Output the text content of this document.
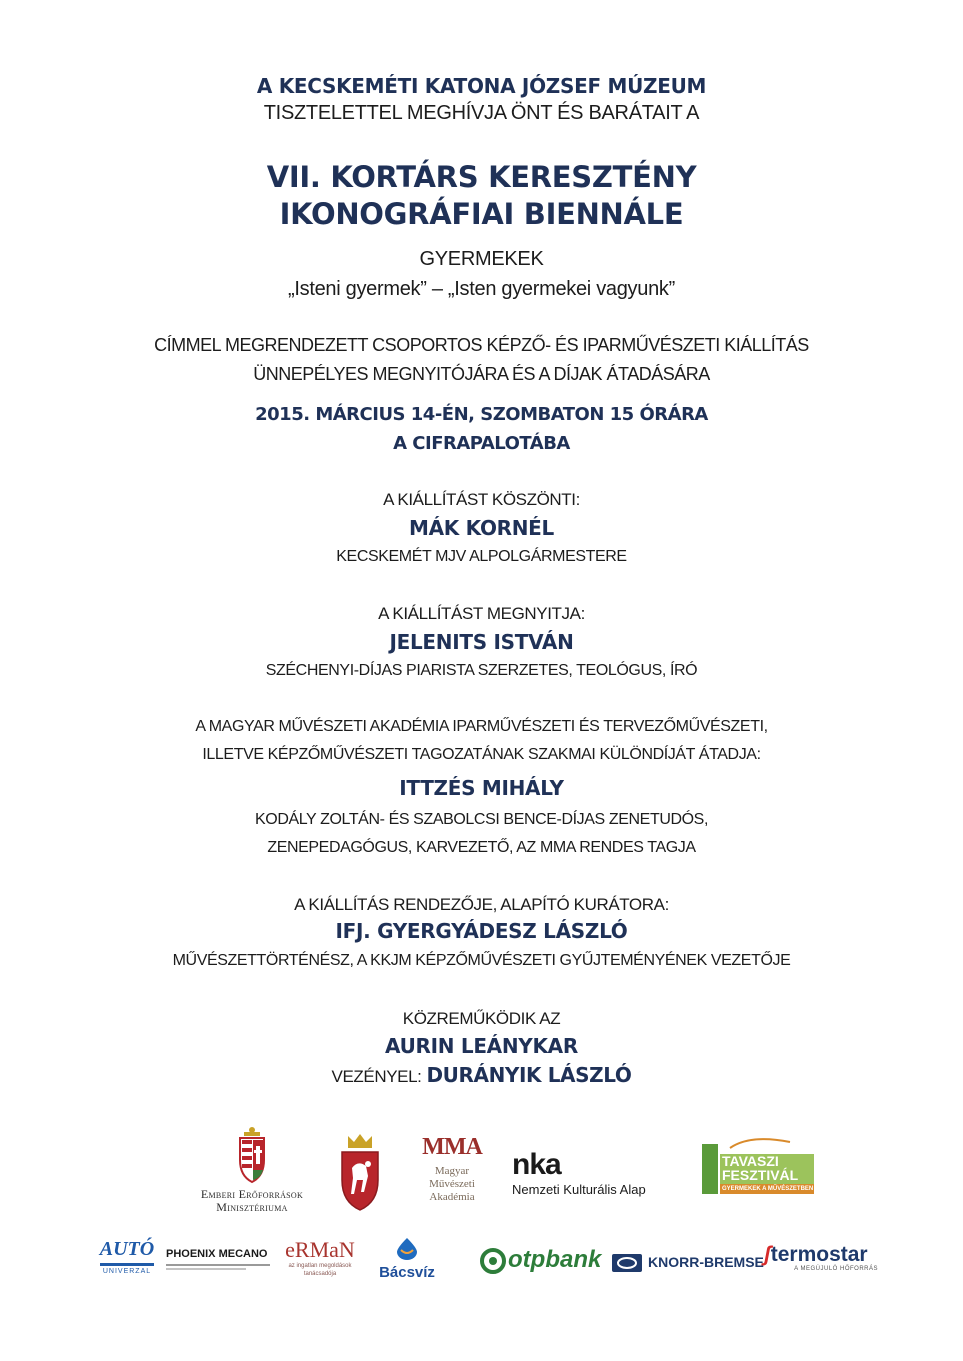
A KECSKEMÉTI KATONA JÓZSEF MÚZEUM
TISZTELETTEL MEGHÍVJA ÖNT ÉS BARÁTAIT A
VII. KORTÁRS KERESZTÉNY
IKONOGRÁFIAI BIENNÁLE
GYERMEKEK
„Isteni gyermek” – „Isten gyermekei vagyunk”
CÍMMEL MEGRENDEZETT CSOPORTOS KÉPZŐ- ÉS IPARMŰVÉSZETI KIÁLLÍTÁS
ÜNNEPÉLYES MEGNYITÓJÁRA ÉS A DÍJAK ÁTADÁSÁRA
2015. MÁRCIUS 14-ÉN, SZOMBATON 15 ÓRÁRA
A CIFRAPALOTÁBA
A KIÁLLÍTÁST KÖSZÖNTI:
MÁK KORNÉL
KECSKEMÉT MJV ALPOLGÁRMESTERE
A KIÁLLÍTÁST MEGNYITJA:
JELENITS ISTVÁN
SZÉCHENYI-DÍJAS PIARISTA SZERZETES, TEOLÓGUS, ÍRÓ
A MAGYAR MŰVÉSZETI AKADÉMIA IPARMŰVÉSZETI ÉS TERVEZŐMŰVÉSZETI,
ILLETVE KÉPZŐMŰVÉSZETI TAGOZATÁNAK SZAKMAI KÜLÖNDÍJÁT ÁTADJA:
ITTZÉS MIHÁLY
KODÁLY ZOLTÁN- ÉS SZABOLCSI BENCE-DÍJAS ZENETUDÓS,
ZENEPEDAGÓGUS, KARVEZETŐ, AZ MMA RENDES TAGJA
A KIÁLLÍTÁS RENDEZŐJE, ALAPÍTÓ KURÁTORA:
IFJ. GYERGYÁDESZ LÁSZLÓ
MŰVÉSZETTÖRTÉNÉSZ, A KKJM KÉPZŐMŰVÉSZETI GYŰJTEMÉNYÉNEK VEZETŐJE
KÖZREMŰKÖDIK AZ
AURIN LEÁNYKAR
VEZÉNYEL: DURÁNYIK LÁSZLÓ
Emberi Erőforrások
Minisztériuma
MMA
Magyar
Művészeti
Akadémia
nka
Nemzeti Kulturális Alap
TAVASZI
FESZTIVÁL
GYERMEKEK A MŰVÉSZETBEN
AUTÓ
UNIVERZAL
PHOENIX MECANO eRMaN
az ingatlan megoldások tanácsadója	Bácsvíz	otpbank	KNORR-BREMSE ʃtermostar
A MEGÚJULÓ HŐFORRÁS
